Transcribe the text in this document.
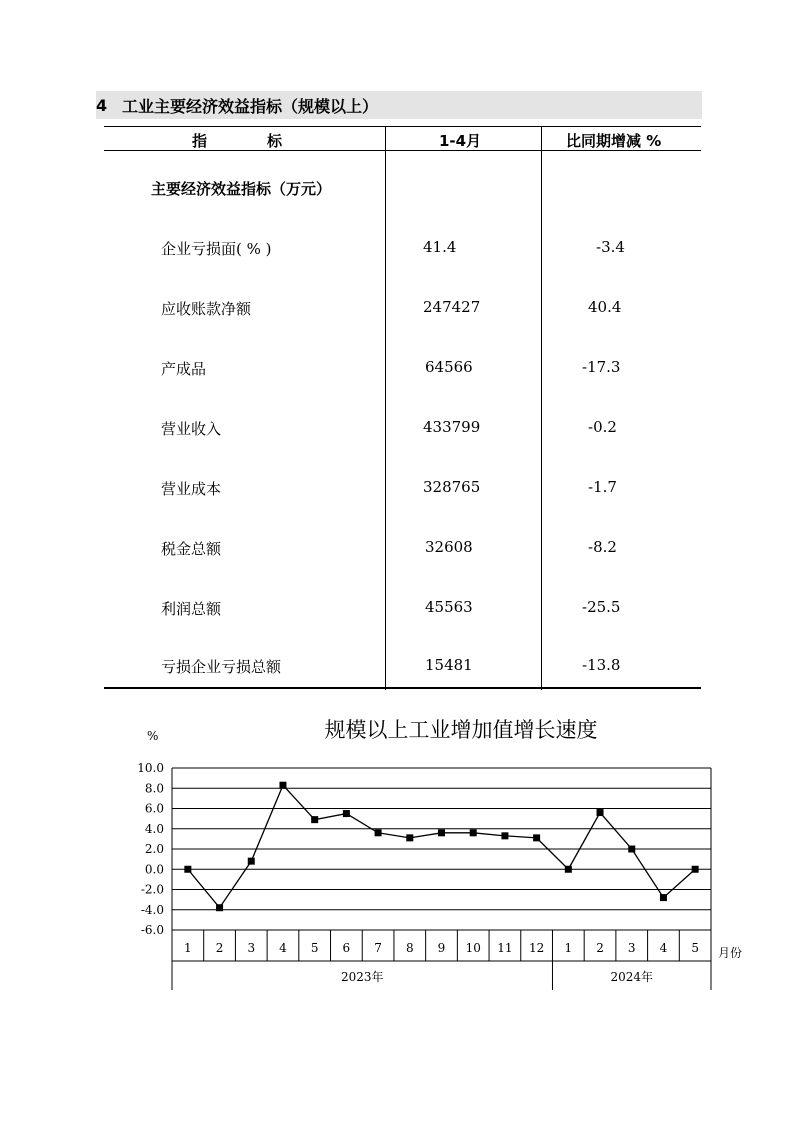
4 工业主要经济效益指标（规模以上）
指　　　　标	1-4月	比同期增减 %
主要经济效益指标（万元）
企业亏损面( % )	41.4	-3.4
应收账款净额	247427	40.4
产成品	64566	-17.3
营业收入	433799	-0.2
营业成本	328765	-1.7
税金总额	32608	-8.2
利润总额	45563	-25.5
亏损企业亏损总额	15481	-13.8
规模以上工业增加值增长速度
%
10.0
8.0
6.0
4.0
2.0
0.0
-2.0
-4.0
-6.0
1 2 3 4 5 6 7 8 9 10 11 12 1 2 3 4 5 月份
2023年	2024年
